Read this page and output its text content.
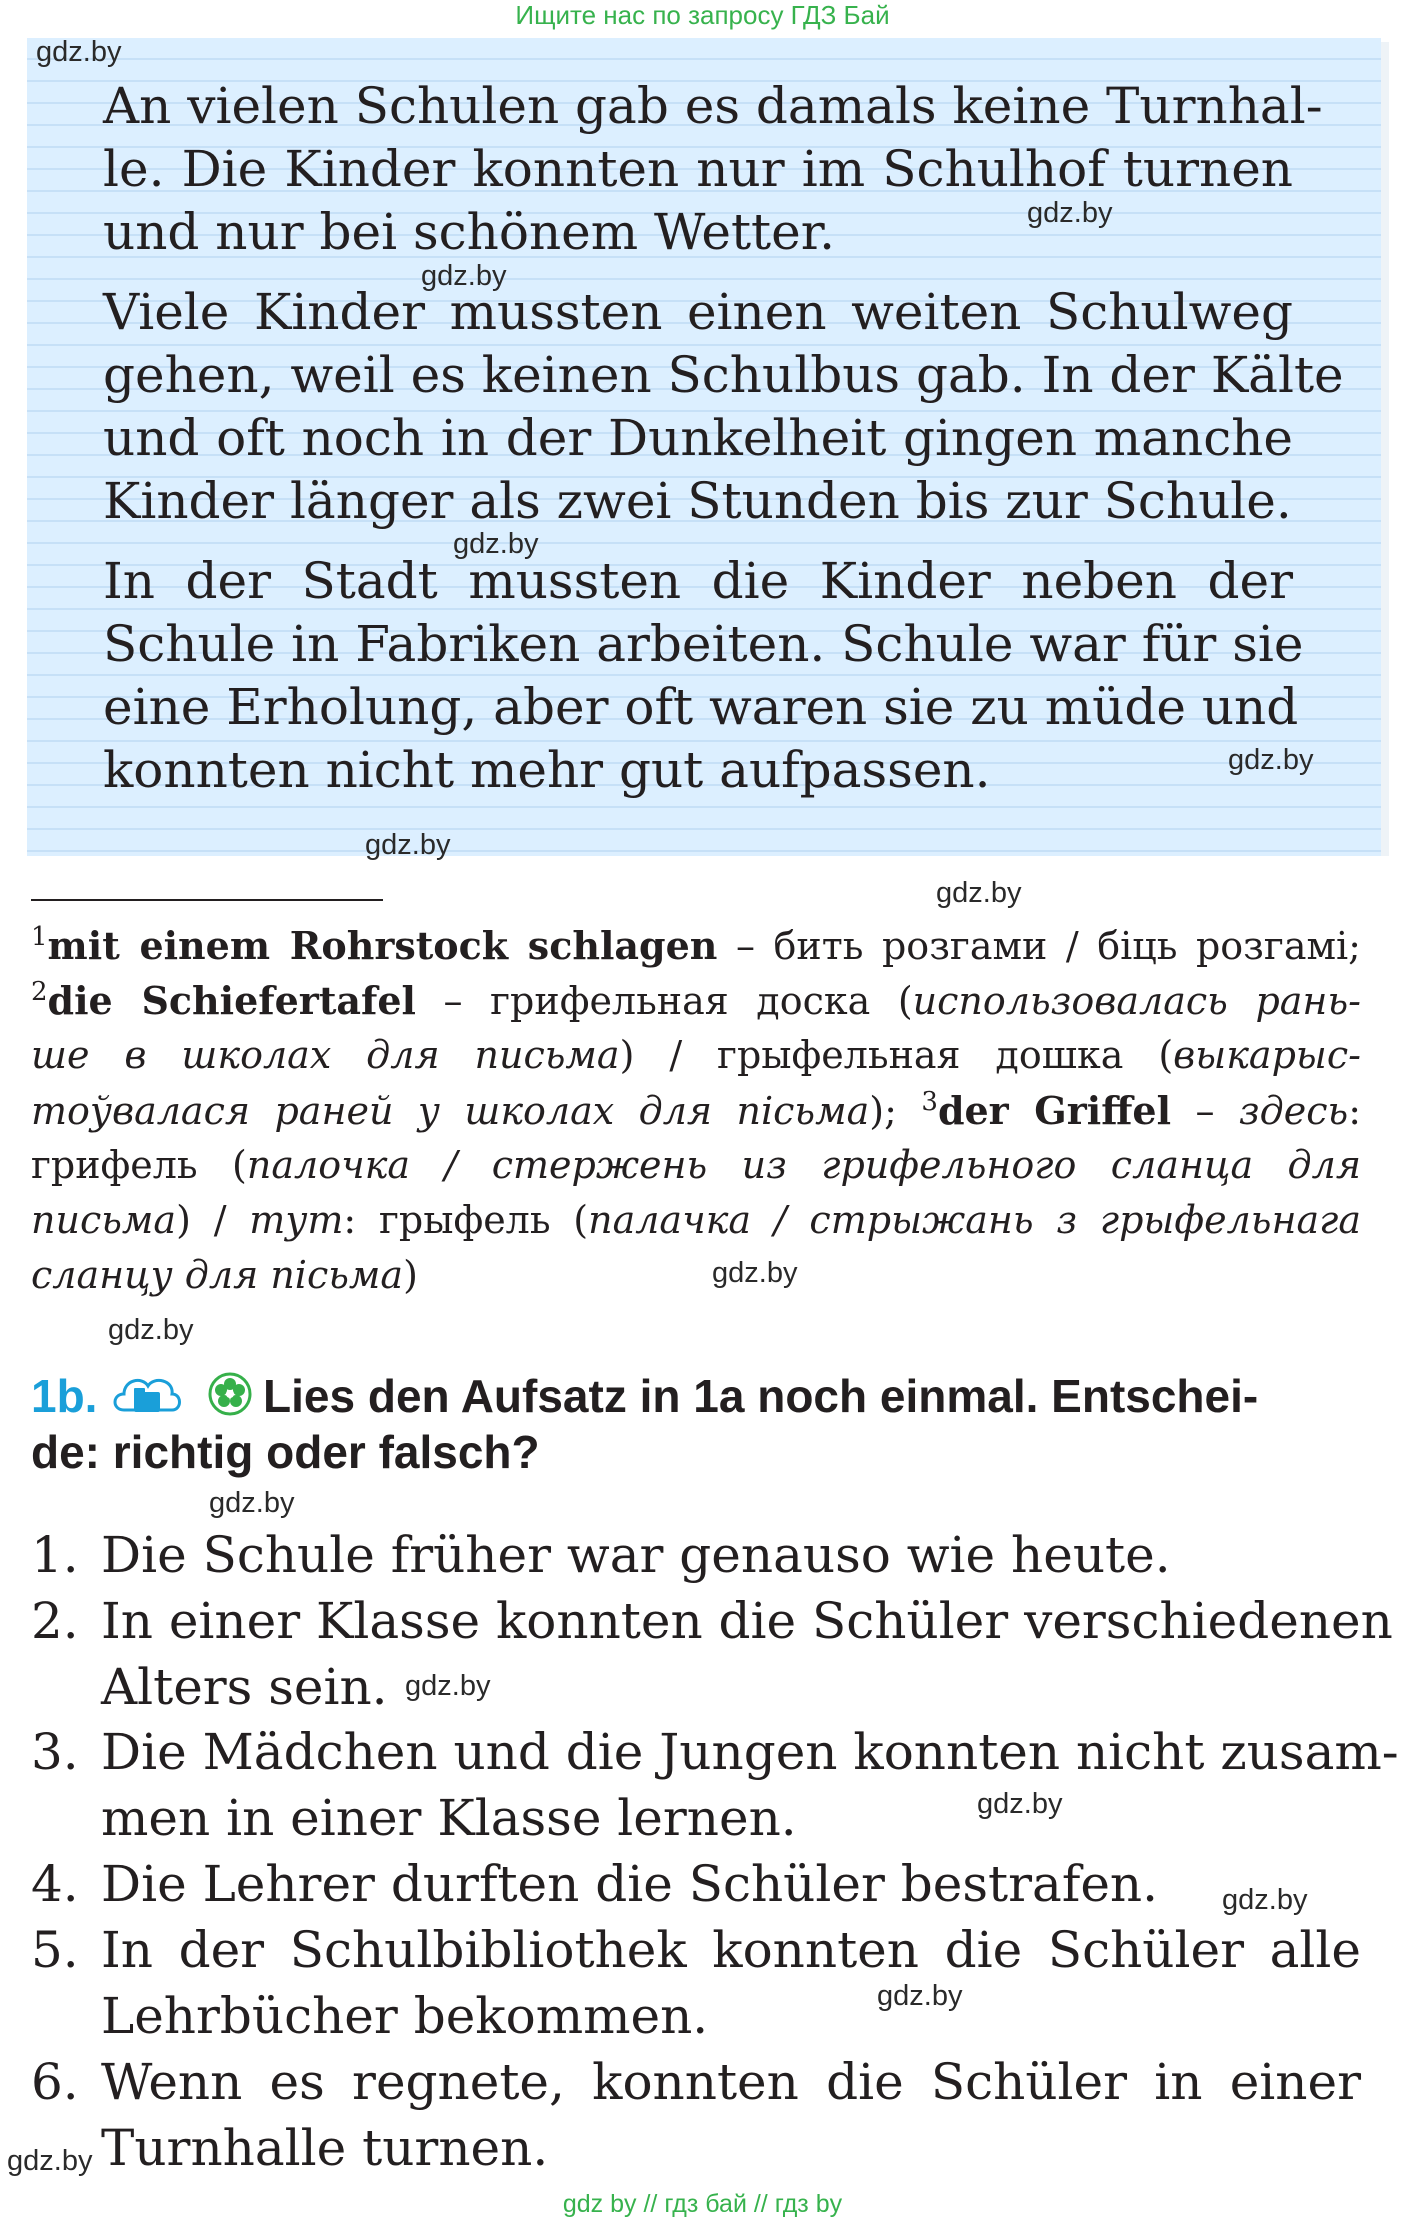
Ищите нас по запросу ГДЗ Бай
An vielen Schulen gab es damals keine Turnhal-
le. Die Kinder konnten nur im Schulhof turnen
und nur bei schönem Wetter.
Viele Kinder mussten einen weiten Schulweg
gehen, weil es keinen Schulbus gab. In der Kälte
und oft noch in der Dunkelheit gingen manche
Kinder länger als zwei Stunden bis zur Schule.
In der Stadt mussten die Kinder neben der
Schule in Fabriken arbeiten. Schule war für sie
eine Erholung, aber oft waren sie zu müde und
konnten nicht mehr gut aufpassen.
$^1$mit einem Rohrstock schlagen – бить розгами / біць розгамі;
$^2$die Schiefertafel – грифельная доска (использовалась рань-
ше в школах для письма) / грыфельная дошка (выкарыс-
тоўвалася раней у школах для пісьма); $^3$der Griffel – здесь:
грифель (палочка / стержень из грифельного сланца для
письма) / тут: грыфель (палачка / стрыжань з грыфельнага
сланцу для пісьма)
1b.	Lies den Aufsatz in 1a noch einmal. Entschei-
de: richtig oder falsch?
1. Die Schule früher war genauso wie heute.
2. In einer Klasse konnten die Schüler verschiedenen
Alters sein.
3. Die Mädchen und die Jungen konnten nicht zusam-
men in einer Klasse lernen.
4. Die Lehrer durften die Schüler bestrafen.
5. In der Schulbibliothek konnten die Schüler alle
Lehrbücher bekommen.
6. Wenn es regnete, konnten die Schüler in einer
Turnhalle turnen.
gdz.by
gdz.by
gdz.by
gdz.by
gdz.by
gdz.by
gdz.by
gdz.by
gdz.by
gdz.by
gdz.by
gdz.by
gdz.by
gdz.by
gdz.by
gdz by // гдз бай // гдз by
